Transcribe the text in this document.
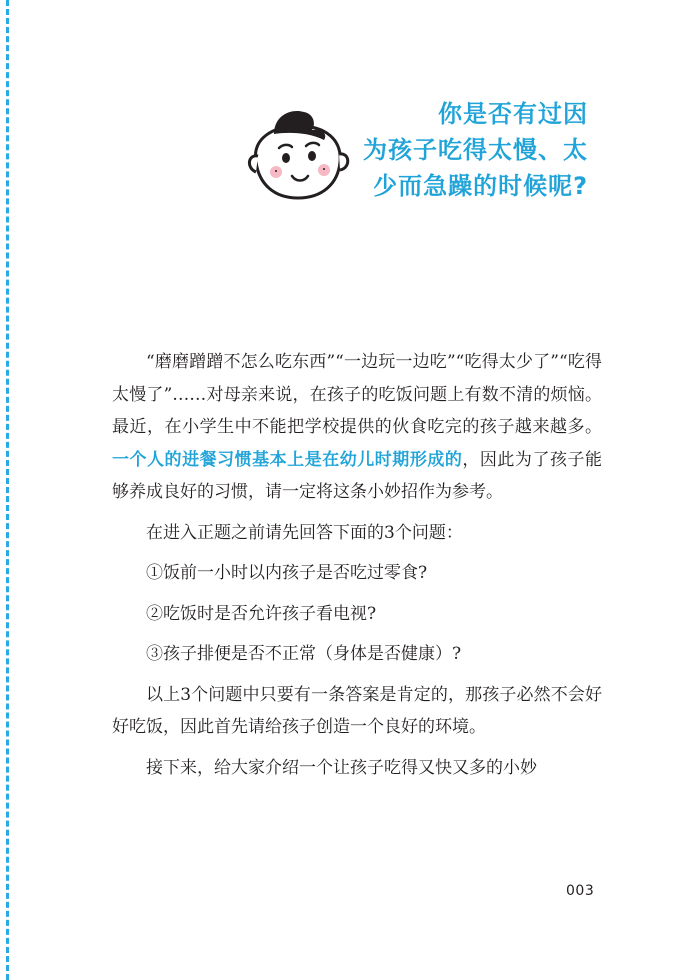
你是否有过因
为孩子吃得太慢、太
少而急躁的时候呢?

“磨磨蹭蹭不怎么吃东西”“一边玩一边吃”“吃得太少了”“吃得太慢了”……对母亲来说，在孩子的吃饭问题上有数不清的烦恼。最近，在小学生中不能把学校提供的伙食吃完的孩子越来越多。一个人的进餐习惯基本上是在幼儿时期形成的，因此为了孩子能够养成良好的习惯，请一定将这条小妙招作为参考。

在进入正题之前请先回答下面的3个问题：

①饭前一小时以内孩子是否吃过零食?

②吃饭时是否允许孩子看电视?

③孩子排便是否不正常（身体是否健康）?

以上3个问题中只要有一条答案是肯定的，那孩子必然不会好好吃饭，因此首先请给孩子创造一个良好的环境。

接下来，给大家介绍一个让孩子吃得又快又多的小妙

003
